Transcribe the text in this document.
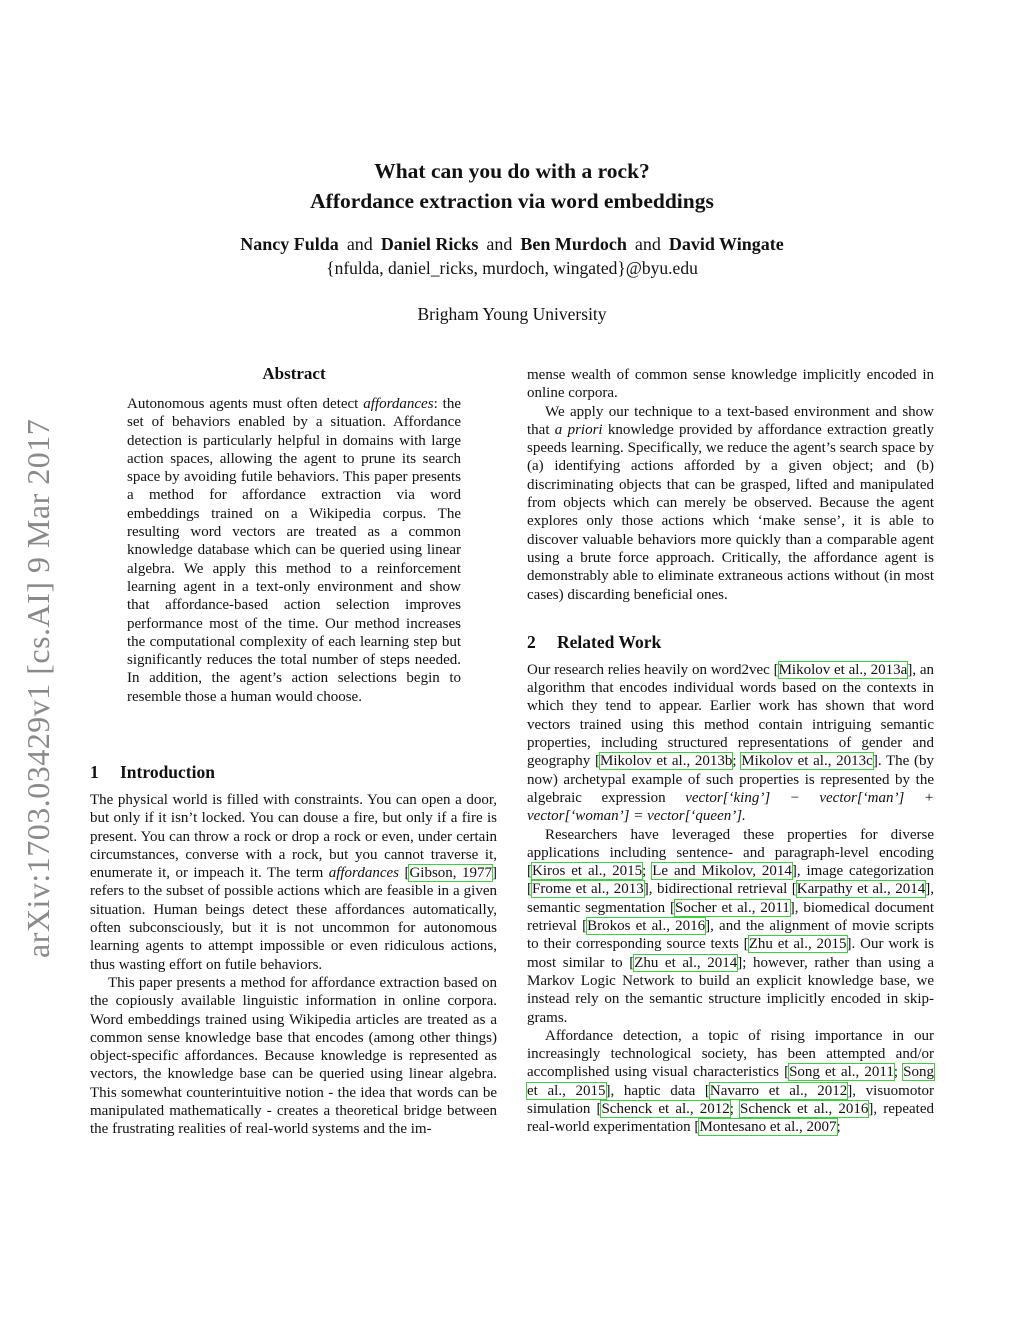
arXiv:1703.03429v1 [cs.AI] 9 Mar 2017
What can you do with a rock?
Affordance extraction via word embeddings
Nancy Fulda and Daniel Ricks and Ben Murdoch and David Wingate
{nfulda, daniel_ricks, murdoch, wingated}@byu.edu
Brigham Young University
Abstract

Autonomous agents must often detect affordances: the set of behaviors enabled by a situation. Affordance detection is particularly helpful in domains with large action spaces, allowing the agent to prune its search space by avoiding futile behaviors. This paper presents a method for affordance extraction via word embeddings trained on a Wikipedia corpus. The resulting word vectors are treated as a common knowledge database which can be queried using linear algebra. We apply this method to a reinforcement learning agent in a text-only environment and show that affordance-based action selection improves performance most of the time. Our method increases the computational complexity of each learning step but significantly reduces the total number of steps needed. In addition, the agent’s action selections begin to resemble those a human would choose.

1 Introduction

The physical world is filled with constraints. You can open a door, but only if it isn’t locked. You can douse a fire, but only if a fire is present. You can throw a rock or drop a rock or even, under certain circumstances, converse with a rock, but you cannot traverse it, enumerate it, or impeach it. The term affordances [Gibson, 1977] refers to the subset of possible actions which are feasible in a given situation. Human beings detect these affordances automatically, often subconsciously, but it is not uncommon for autonomous learning agents to attempt impossible or even ridiculous actions, thus wasting effort on futile behaviors.

This paper presents a method for affordance extraction based on the copiously available linguistic information in online corpora. Word embeddings trained using Wikipedia articles are treated as a common sense knowledge base that encodes (among other things) object-specific affordances. Because knowledge is represented as vectors, the knowledge base can be queried using linear algebra. This somewhat counterintuitive notion - the idea that words can be manipulated mathematically - creates a theoretical bridge between the frustrating realities of real-world systems and the im-

mense wealth of common sense knowledge implicitly encoded in online corpora.

We apply our technique to a text-based environment and show that a priori knowledge provided by affordance extraction greatly speeds learning. Specifically, we reduce the agent’s search space by (a) identifying actions afforded by a given object; and (b) discriminating objects that can be grasped, lifted and manipulated from objects which can merely be observed. Because the agent explores only those actions which ‘make sense’, it is able to discover valuable behaviors more quickly than a comparable agent using a brute force approach. Critically, the affordance agent is demonstrably able to eliminate extraneous actions without (in most cases) discarding beneficial ones.

2 Related Work

Our research relies heavily on word2vec [Mikolov et al., 2013a], an algorithm that encodes individual words based on the contexts in which they tend to appear. Earlier work has shown that word vectors trained using this method contain intriguing semantic properties, including structured representations of gender and geography [Mikolov et al., 2013b; Mikolov et al., 2013c]. The (by now) archetypal example of such properties is represented by the algebraic expression vector[‘king’] − vector[‘man’] + vector[‘woman’] = vector[‘queen’].

Researchers have leveraged these properties for diverse applications including sentence- and paragraph-level encoding [Kiros et al., 2015; Le and Mikolov, 2014], image categorization [Frome et al., 2013], bidirectional retrieval [Karpathy et al., 2014], semantic segmentation [Socher et al., 2011], biomedical document retrieval [Brokos et al., 2016], and the alignment of movie scripts to their corresponding source texts [Zhu et al., 2015]. Our work is most similar to [Zhu et al., 2014]; however, rather than using a Markov Logic Network to build an explicit knowledge base, we instead rely on the semantic structure implicitly encoded in skip-grams.

Affordance detection, a topic of rising importance in our increasingly technological society, has been attempted and/or accomplished using visual characteristics [Song et al., 2011; Song et al., 2015], haptic data [Navarro et al., 2012], visuomotor simulation [Schenck et al., 2012; Schenck et al., 2016], repeated real-world experimentation [Montesano et al., 2007;
